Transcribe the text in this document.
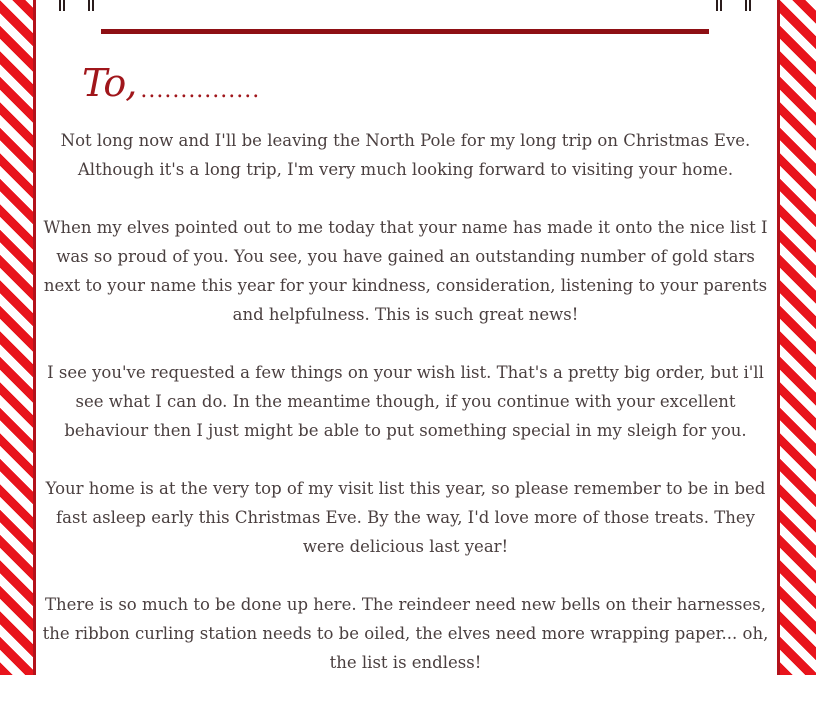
To, ...............

Not long now and I'll be leaving the North Pole for my long trip on Christmas Eve. Although it's a long trip, I'm very much looking forward to visiting your home.

When my elves pointed out to me today that your name has made it onto the nice list I was so proud of you. You see, you have gained an outstanding number of gold stars next to your name this year for your kindness, consideration, listening to your parents and helpfulness. This is such great news!

I see you've requested a few things on your wish list. That's a pretty big order, but i'll see what I can do. In the meantime though, if you continue with your excellent behaviour then I just might be able to put something special in my sleigh for you.

Your home is at the very top of my visit list this year, so please remember to be in bed fast asleep early this Christmas Eve. By the way, I'd love more of those treats. They were delicious last year!

There is so much to be done up here. The reindeer need new bells on their harnesses, the ribbon curling station needs to be oiled, the elves need more wrapping paper... oh, the list is endless!
